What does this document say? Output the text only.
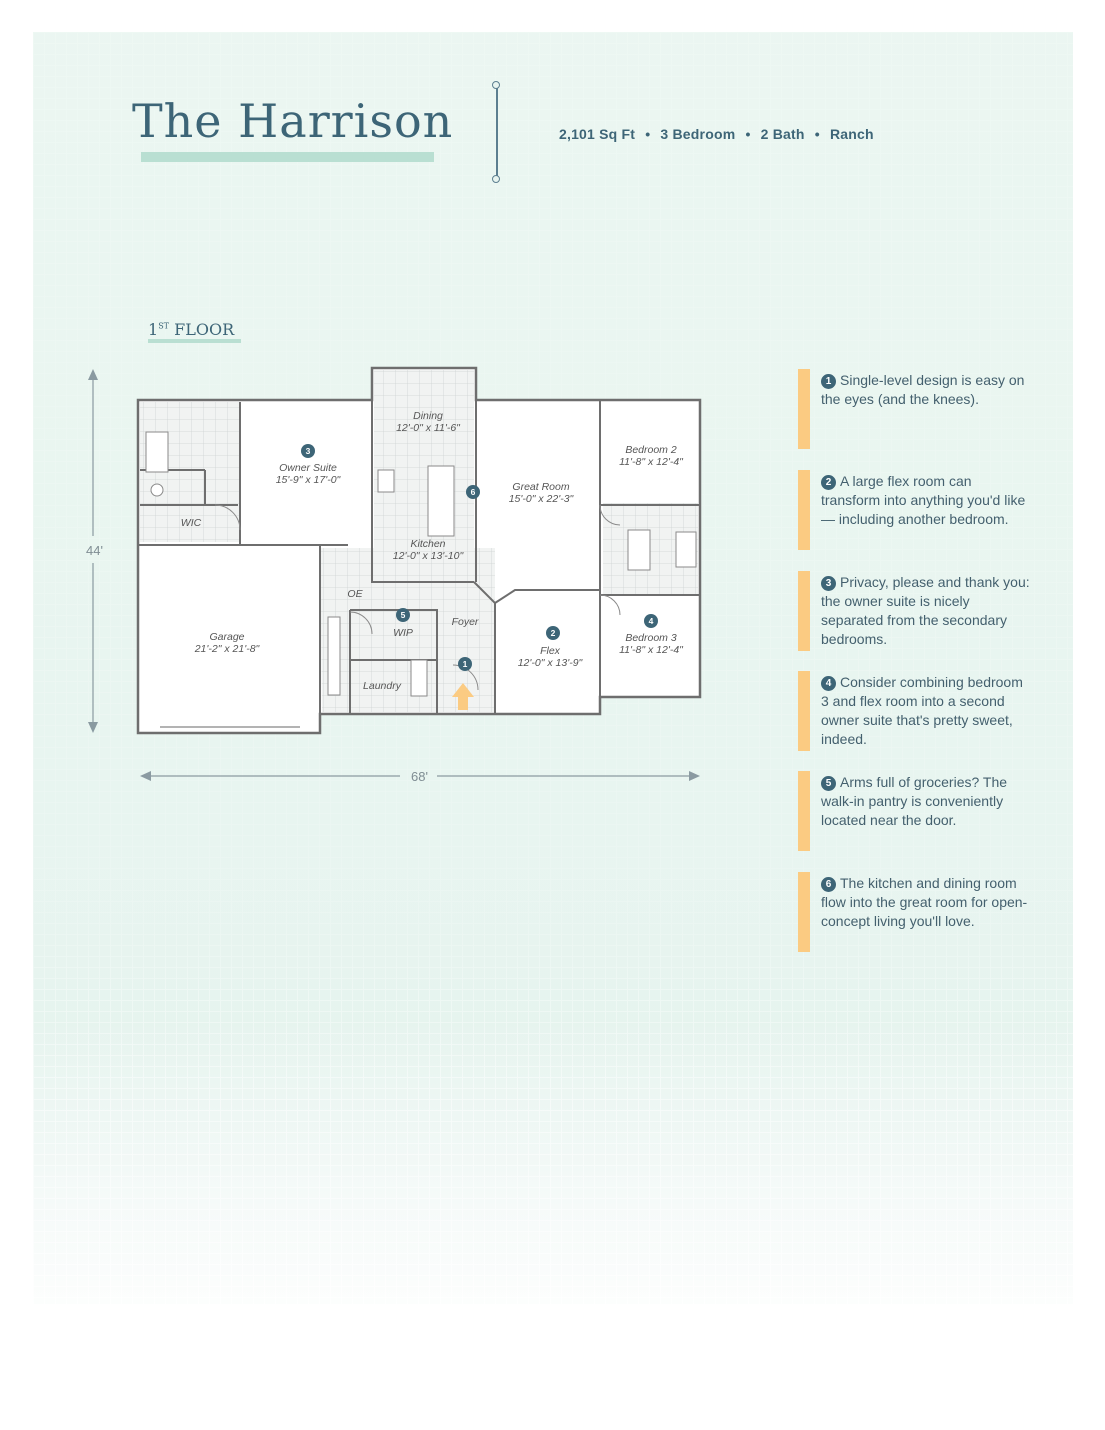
The Harrison	2,101 Sq Ft • 3 Bedroom • 2 Bath • Ranch
1ST FLOOR
44'
68'
Dining
12'-0" x 11'-6"
Owner Suite
15'-9" x 17'-0"
Great Room
15'-0" x 22'-3"
Bedroom 2
11'-8" x 12'-4"
Kitchen
12'-0" x 13'-10"
Garage
21'-2" x 21'-8"	Flex
12'-0" x 13'-9"
Bedroom 3
11'-8" x 12'-4"
WIC
OE
WIP
Foyer
Laundry
1
2
3
4
5
6
1 Single-level design is easy on the eyes (and the knees).
2 A large flex room can transform into anything you'd like — including another bedroom.
3 Privacy, please and thank you: the owner suite is nicely separated from the secondary bedrooms.
4 Consider combining bedroom 3 and flex room into a second owner suite that's pretty sweet, indeed.
5 Arms full of groceries? The walk-in pantry is conveniently located near the door.
6 The kitchen and dining room flow into the great room for open-concept living you'll love.
